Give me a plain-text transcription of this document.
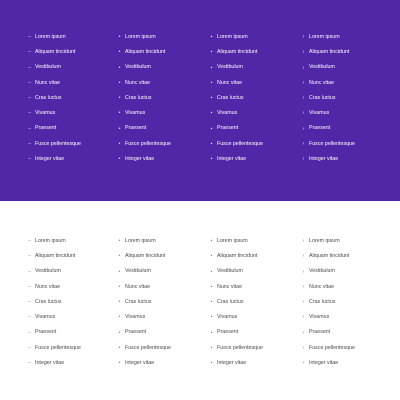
– Lorem ipsum
– Aliquam tincidunt
– Vestibulum
– Nunc vitae
– Cras luctus
– Vivamus
– Praesent
– Fusce pellentesque
– Integer vitae
• Lorem ipsum
• Aliquam tincidunt
• Vestibulum
• Nunc vitae
• Cras luctus
• Vivamus
• Praesent
• Fusce pellentesque
• Integer vitae
▪ Lorem ipsum
▪ Aliquam tincidunt
▪ Vestibulum
▪ Nunc vitae
▪ Cras luctus
▪ Vivamus
▪ Praesent
▪ Fusce pellentesque
▪ Integer vitae
› Lorem ipsum
› Aliquam tincidunt
› Vestibulum
› Nunc vitae
› Cras luctus
› Vivamus
› Praesent
› Fusce pellentesque
› Integer vitae
– Lorem ipsum
– Aliquam tincidunt
– Vestibulum
– Nunc vitae
– Cras luctus
– Vivamus
– Praesent
– Fusce pellentesque
– Integer vitae
• Lorem ipsum
• Aliquam tincidunt
• Vestibulum
• Nunc vitae
• Cras luctus
• Vivamus
• Praesent
• Fusce pellentesque
• Integer vitae
▪ Lorem ipsum
▪ Aliquam tincidunt
▪ Vestibulum
▪ Nunc vitae
▪ Cras luctus
▪ Vivamus
▪ Praesent
▪ Fusce pellentesque
▪ Integer vitae
› Lorem ipsum
› Aliquam tincidunt
› Vestibulum
› Nunc vitae
› Cras luctus
› Vivamus
› Praesent
› Fusce pellentesque
› Integer vitae
